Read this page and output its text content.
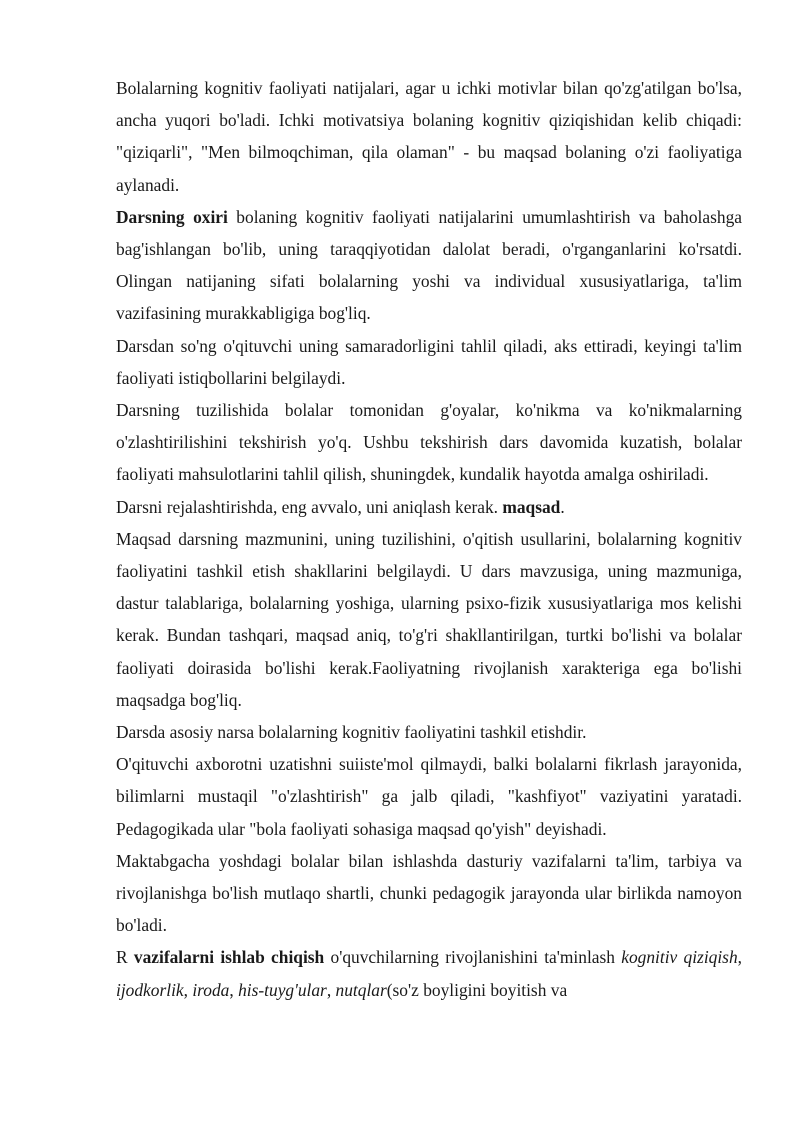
Bolalarning kognitiv faoliyati natijalari, agar u ichki motivlar bilan qo'zg'atilgan bo'lsa, ancha yuqori bo'ladi. Ichki motivatsiya bolaning kognitiv qiziqishidan kelib chiqadi: "qiziqarli", "Men bilmoqchiman, qila olaman" - bu maqsad bolaning o'zi faoliyatiga aylanadi.

Darsning oxiri bolaning kognitiv faoliyati natijalarini umumlashtirish va baholashga bag'ishlangan bo'lib, uning taraqqiyotidan dalolat beradi, o'rganganlarini ko'rsatdi. Olingan natijaning sifati bolalarning yoshi va individual xususiyatlariga, ta'lim vazifasining murakkabligiga bog'liq.

Darsdan so'ng o'qituvchi uning samaradorligini tahlil qiladi, aks ettiradi, keyingi ta'lim faoliyati istiqbollarini belgilaydi.

Darsning tuzilishida bolalar tomonidan g'oyalar, ko'nikma va ko'nikmalarning o'zlashtirilishini tekshirish yo'q. Ushbu tekshirish dars davomida kuzatish, bolalar faoliyati mahsulotlarini tahlil qilish, shuningdek, kundalik hayotda amalga oshiriladi.

Darsni rejalashtirishda, eng avvalo, uni aniqlash kerak. maqsad.

Maqsad darsning mazmunini, uning tuzilishini, o'qitish usullarini, bolalarning kognitiv faoliyatini tashkil etish shakllarini belgilaydi. U dars mavzusiga, uning mazmuniga, dastur talablariga, bolalarning yoshiga, ularning psixo-fizik xususiyatlariga mos kelishi kerak. Bundan tashqari, maqsad aniq, to'g'ri shakllantirilgan, turtki bo'lishi va bolalar faoliyati doirasida bo'lishi kerak.Faoliyatning rivojlanish xarakteriga ega bo'lishi maqsadga bog'liq.

Darsda asosiy narsa bolalarning kognitiv faoliyatini tashkil etishdir.

O'qituvchi axborotni uzatishni suiiste'mol qilmaydi, balki bolalarni fikrlash jarayonida, bilimlarni mustaqil "o'zlashtirish" ga jalb qiladi, "kashfiyot" vaziyatini yaratadi. Pedagogikada ular "bola faoliyati sohasiga maqsad qo'yish" deyishadi.

Maktabgacha yoshdagi bolalar bilan ishlashda dasturiy vazifalarni ta'lim, tarbiya va rivojlanishga bo'lish mutlaqo shartli, chunki pedagogik jarayonda ular birlikda namoyon bo'ladi.

R vazifalarni ishlab chiqish o'quvchilarning rivojlanishini ta'minlash kognitiv qiziqish, ijodkorlik, iroda, his-tuyg'ular, nutqlar(so'z boyligini boyitish va
